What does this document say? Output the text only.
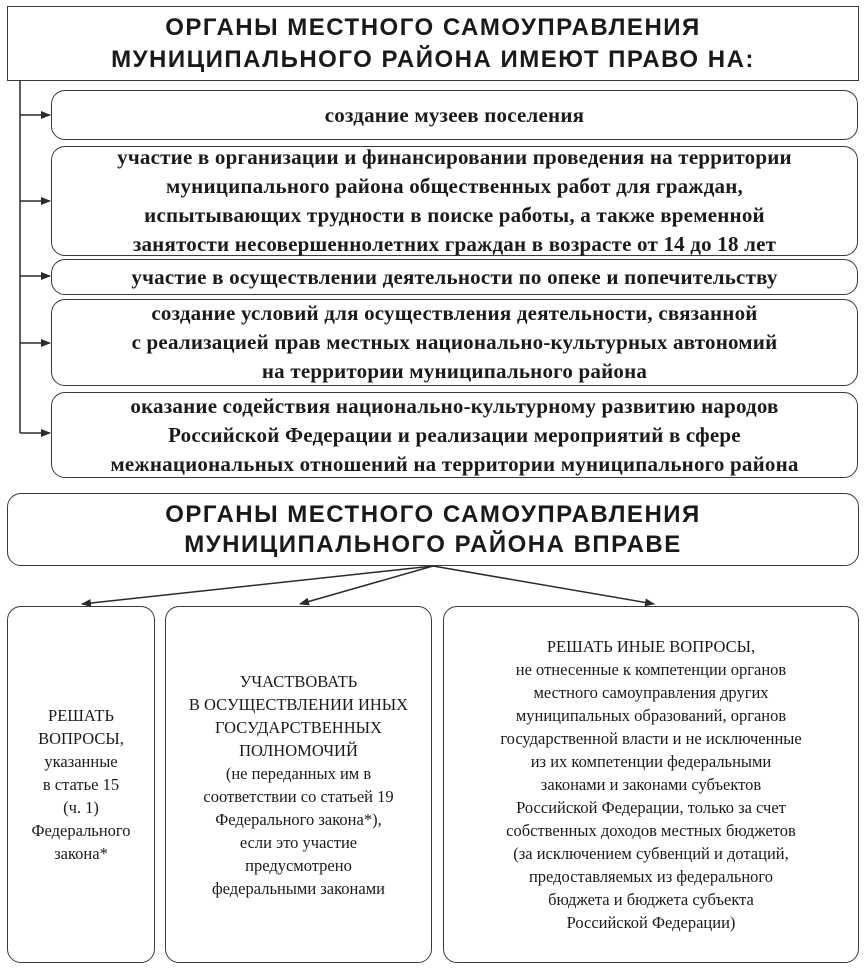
ОРГАНЫ МЕСТНОГО САМОУПРАВЛЕНИЯ
МУНИЦИПАЛЬНОГО РАЙОНА ИМЕЮТ ПРАВО НА:
создание музеев поселения
участие в организации и финансировании проведения на территории
муниципального района общественных работ для граждан,
испытывающих трудности в поиске работы, а также временной
занятости несовершеннолетних граждан в возрасте от 14 до 18 лет
участие в осуществлении деятельности по опеке и попечительству
создание условий для осуществления деятельности, связанной
с реализацией прав местных национально-культурных автономий
на территории муниципального района
оказание содействия национально-культурному развитию народов
Российской Федерации и реализации мероприятий в сфере
межнациональных отношений на территории муниципального района
ОРГАНЫ МЕСТНОГО САМОУПРАВЛЕНИЯ
МУНИЦИПАЛЬНОГО РАЙОНА ВПРАВЕ
РЕШАТЬ
ВОПРОСЫ,
указанные
в статье 15
(ч. 1)
Федерального
закона*
УЧАСТВОВАТЬ
В ОСУЩЕСТВЛЕНИИ ИНЫХ
ГОСУДАРСТВЕННЫХ
ПОЛНОМОЧИЙ
(не переданных им в
соответствии со статьей 19
Федерального закона*),
если это участие
предусмотрено
федеральными законами
РЕШАТЬ ИНЫЕ ВОПРОСЫ,
не отнесенные к компетенции органов
местного самоуправления других
муниципальных образований, органов
государственной власти и не исключенные
из их компетенции федеральными
законами и законами субъектов
Российской Федерации, только за счет
собственных доходов местных бюджетов
(за исключением субвенций и дотаций,
предоставляемых из федерального
бюджета и бюджета субъекта
Российской Федерации)
